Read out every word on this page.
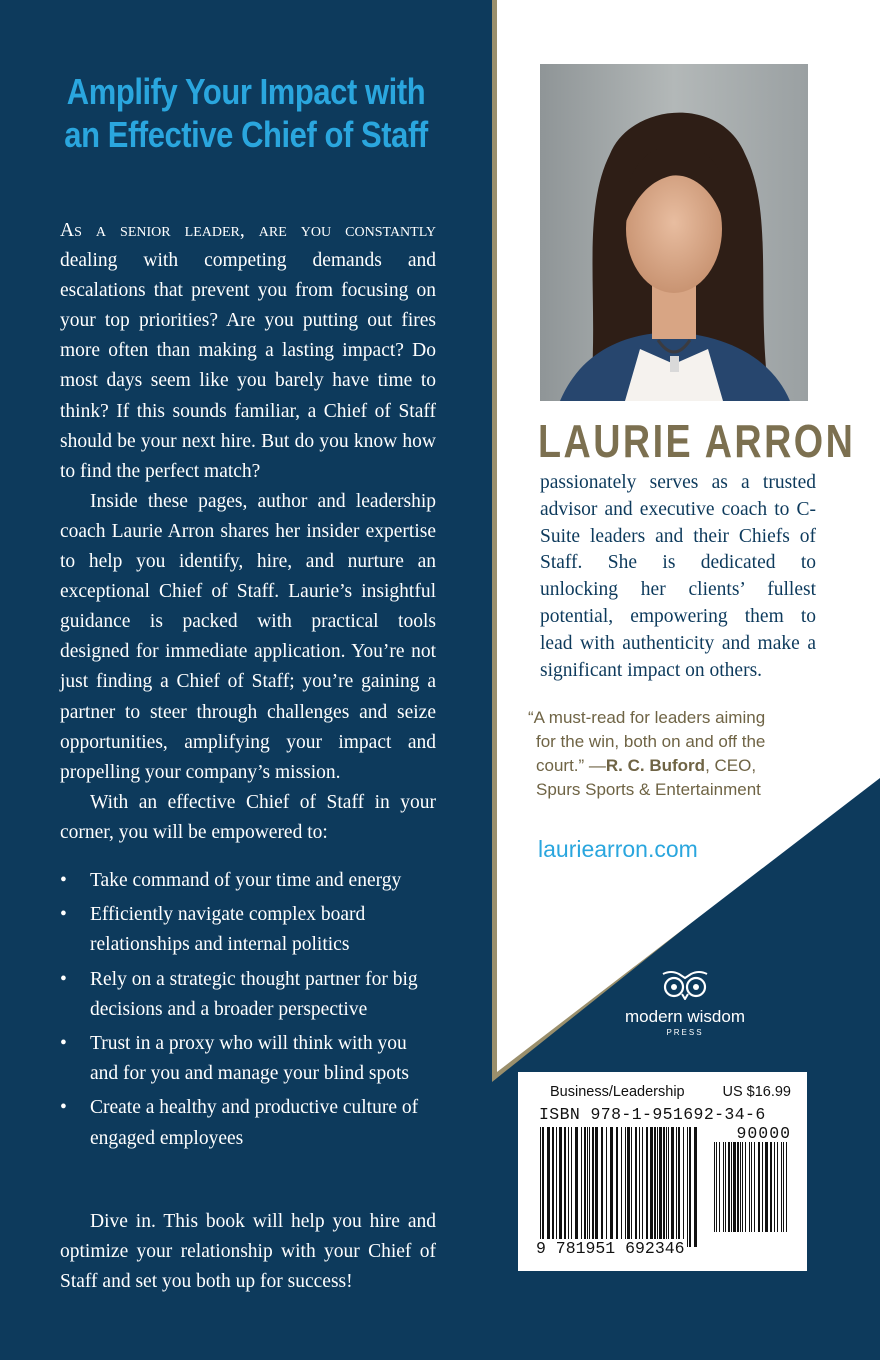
Amplify Your Impact with
an Effective Chief of Staff

As a senior leader, are you constantly dealing with competing demands and escalations that prevent you from focusing on your top priorities? Are you putting out fires more often than making a lasting impact? Do most days seem like you barely have time to think? If this sounds familiar, a Chief of Staff should be your next hire. But do you know how to find the perfect match?

Inside these pages, author and leadership coach Laurie Arron shares her insider expertise to help you identify, hire, and nurture an exceptional Chief of Staff. Laurie’s insightful guidance is packed with practical tools designed for immediate application. You’re not just finding a Chief of Staff; you’re gaining a partner to steer through challenges and seize opportunities, amplifying your impact and propelling your company’s mission.

With an effective Chief of Staff in your corner, you will be empowered to:

• Take command of your time and energy
• Efficiently navigate complex board relationships and internal politics
• Rely on a strategic thought partner for big decisions and a broader perspective
• Trust in a proxy who will think with you and for you and manage your blind spots
• Create a healthy and productive culture of engaged employees

Dive in. This book will help you hire and optimize your relationship with your Chief of Staff and set you both up for success!

LAURIE ARRON

passionately serves as a trusted advisor and executive coach to C-Suite leaders and their Chiefs of Staff. She is dedicated to unlocking her clients’ fullest potential, empowering them to lead with authenticity and make a significant impact on others.

“A must-read for leaders aiming
for the win, both on and off the
court.” —R. C. Buford, CEO,
Spurs Sports & Entertainment

lauriearron.com
modern wisdom
PRESS
Business/Leadership	US $16.99
ISBN 978-1-951692-34-6
90000
9 781951 692346
